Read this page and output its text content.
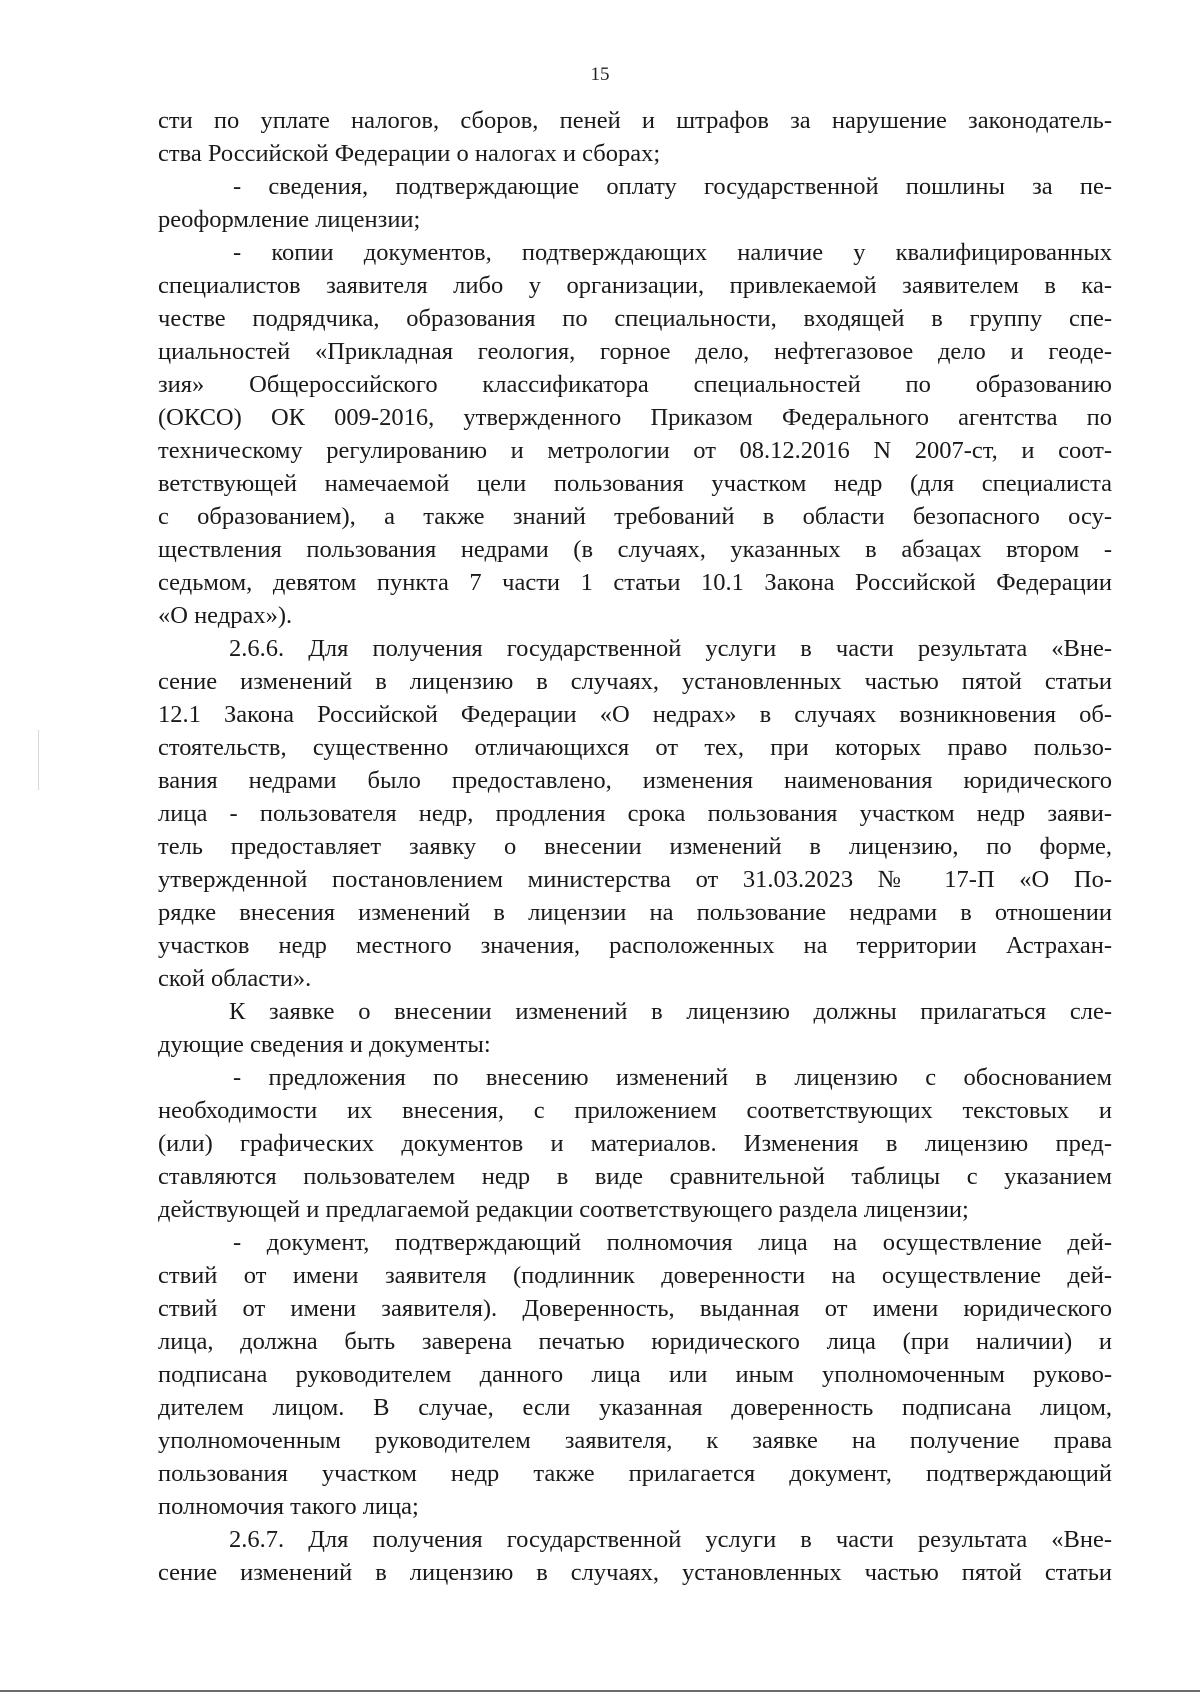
15
сти по уплате налогов, сборов, пеней и штрафов за нарушение законодатель-
ства Российской Федерации о налогах и сборах;
- сведения, подтверждающие оплату государственной пошлины за пе-
реоформление лицензии;
- копии документов, подтверждающих наличие у квалифицированных
специалистов заявителя либо у организации, привлекаемой заявителем в ка-
честве подрядчика, образования по специальности, входящей в группу спе-
циальностей «Прикладная геология, горное дело, нефтегазовое дело и геоде-
зия» Общероссийского классификатора специальностей по образованию
(ОКСО) ОК 009-2016, утвержденного Приказом Федерального агентства по
техническому регулированию и метрологии от 08.12.2016 N 2007-ст, и соот-
ветствующей намечаемой цели пользования участком недр (для специалиста
с образованием), а также знаний требований в области безопасного осу-
ществления пользования недрами (в случаях, указанных в абзацах втором -
седьмом, девятом пункта 7 части 1 статьи 10.1 Закона Российской Федерации
«О недрах»).
2.6.6. Для получения государственной услуги в части результата «Вне-
сение изменений в лицензию в случаях, установленных частью пятой статьи
12.1 Закона Российской Федерации «О недрах» в случаях возникновения об-
стоятельств, существенно отличающихся от тех, при которых право пользо-
вания недрами было предоставлено, изменения наименования юридического
лица - пользователя недр, продления срока пользования участком недр заяви-
тель предоставляет заявку о внесении изменений в лицензию, по форме,
утвержденной постановлением министерства от 31.03.2023 № 17-П «О По-
рядке внесения изменений в лицензии на пользование недрами в отношении
участков недр местного значения, расположенных на территории Астрахан-
ской области».
К заявке о внесении изменений в лицензию должны прилагаться сле-
дующие сведения и документы:
- предложения по внесению изменений в лицензию с обоснованием
необходимости их внесения, с приложением соответствующих текстовых и
(или) графических документов и материалов. Изменения в лицензию пред-
ставляются пользователем недр в виде сравнительной таблицы с указанием
действующей и предлагаемой редакции соответствующего раздела лицензии;
- документ, подтверждающий полномочия лица на осуществление дей-
ствий от имени заявителя (подлинник доверенности на осуществление дей-
ствий от имени заявителя). Доверенность, выданная от имени юридического
лица, должна быть заверена печатью юридического лица (при наличии) и
подписана руководителем данного лица или иным уполномоченным руково-
дителем лицом. В случае, если указанная доверенность подписана лицом,
уполномоченным руководителем заявителя, к заявке на получение права
пользования участком недр также прилагается документ, подтверждающий
полномочия такого лица;
2.6.7. Для получения государственной услуги в части результата «Вне-
сение изменений в лицензию в случаях, установленных частью пятой статьи
